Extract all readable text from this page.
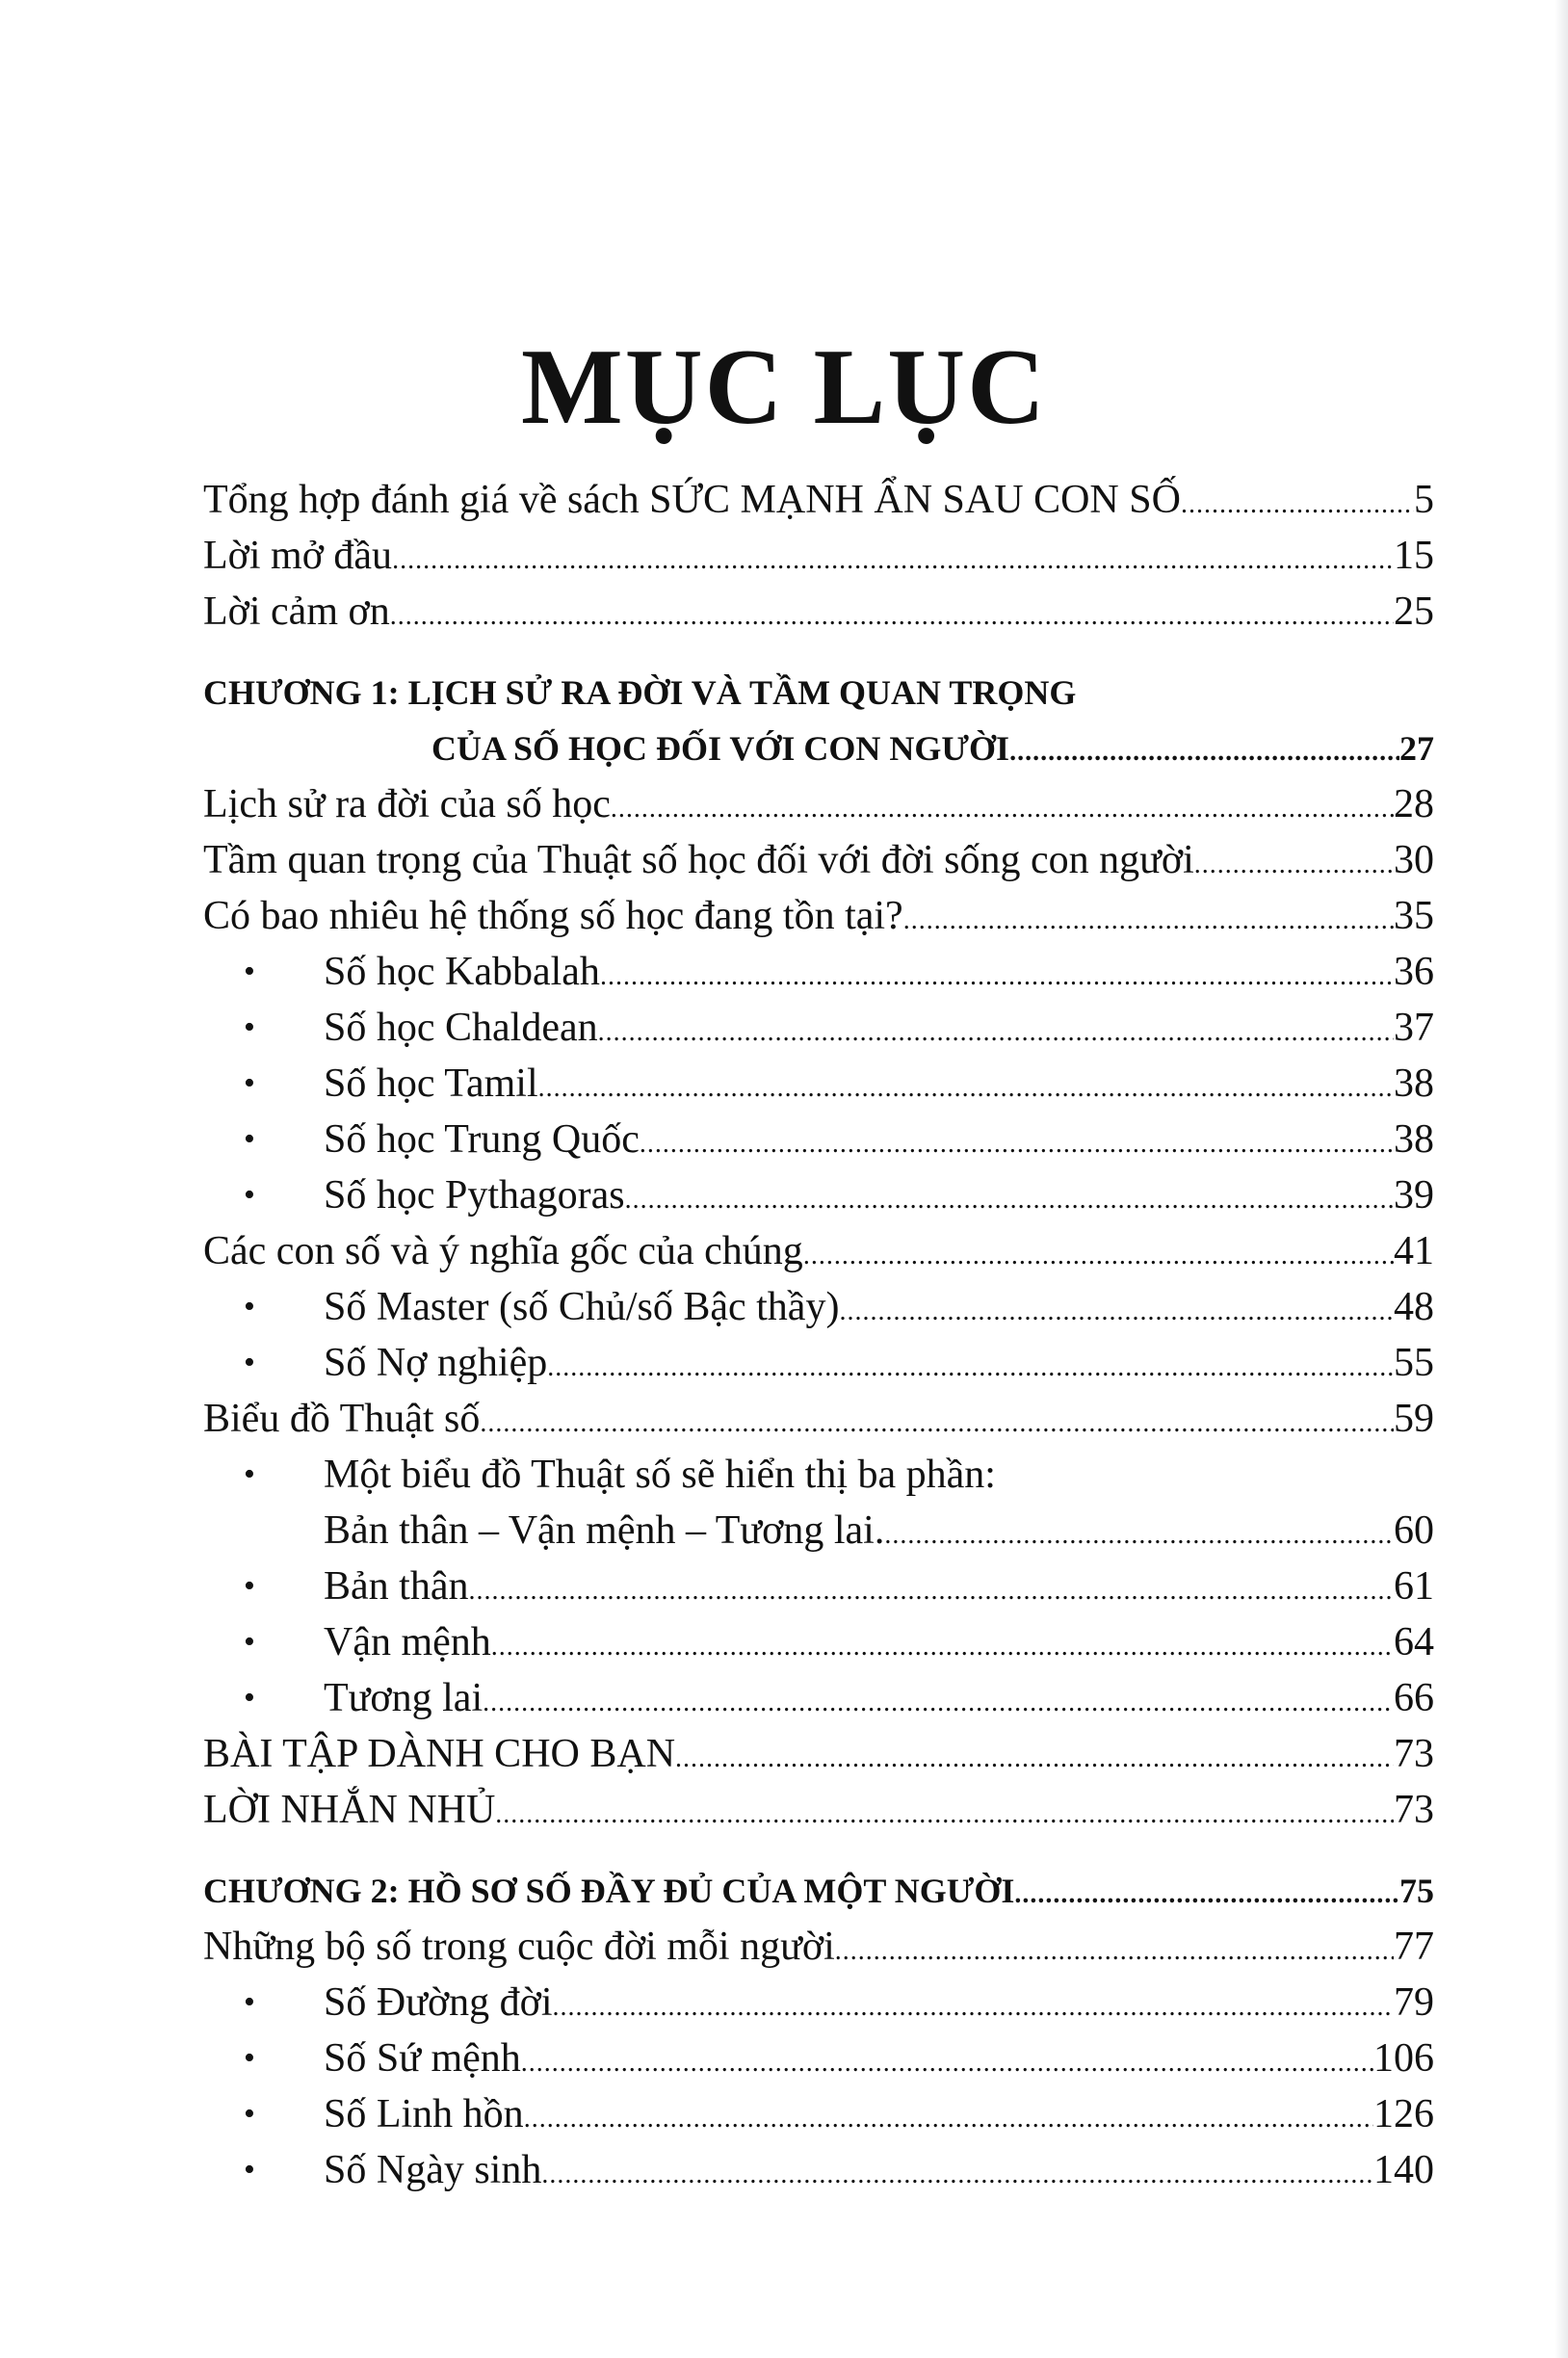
MỤC LỤC
Tổng hợp đánh giá về sách SỨC MẠNH ẨN SAU CON SỐ .....	5
Lời mở đầu .....	15
Lời cảm ơn .....	25
CHƯƠNG 1: LỊCH SỬ RA ĐỜI VÀ TẦM QUAN TRỌNG
CỦA SỐ HỌC ĐỐI VỚI CON NGƯỜI .....	27
Lịch sử ra đời của số học .....	28
Tầm quan trọng của Thuật số học đối với đời sống con người .....	30
Có bao nhiêu hệ thống số học đang tồn tại? .....	35
• Số học Kabbalah .....	36
• Số học Chaldean .....	37
• Số học Tamil .....	38
• Số học Trung Quốc .....	38
• Số học Pythagoras .....	39
Các con số và ý nghĩa gốc của chúng .....	41
• Số Master (số Chủ/số Bậc thầy) .....	48
• Số Nợ nghiệp .....	55
Biểu đồ Thuật số .....	59
• Một biểu đồ Thuật số sẽ hiển thị ba phần:
Bản thân – Vận mệnh – Tương lai. .....	60
• Bản thân .....	61
• Vận mệnh .....	64
• Tương lai .....	66
BÀI TẬP DÀNH CHO BẠN .....	73
LỜI NHẮN NHỦ .....	73
CHƯƠNG 2: HỒ SƠ SỐ ĐẦY ĐỦ CỦA MỘT NGƯỜI .....	75
Những bộ số trong cuộc đời mỗi người .....	77
• Số Đường đời .....	79
• Số Sứ mệnh .....	106
• Số Linh hồn .....	126
• Số Ngày sinh .....	140
